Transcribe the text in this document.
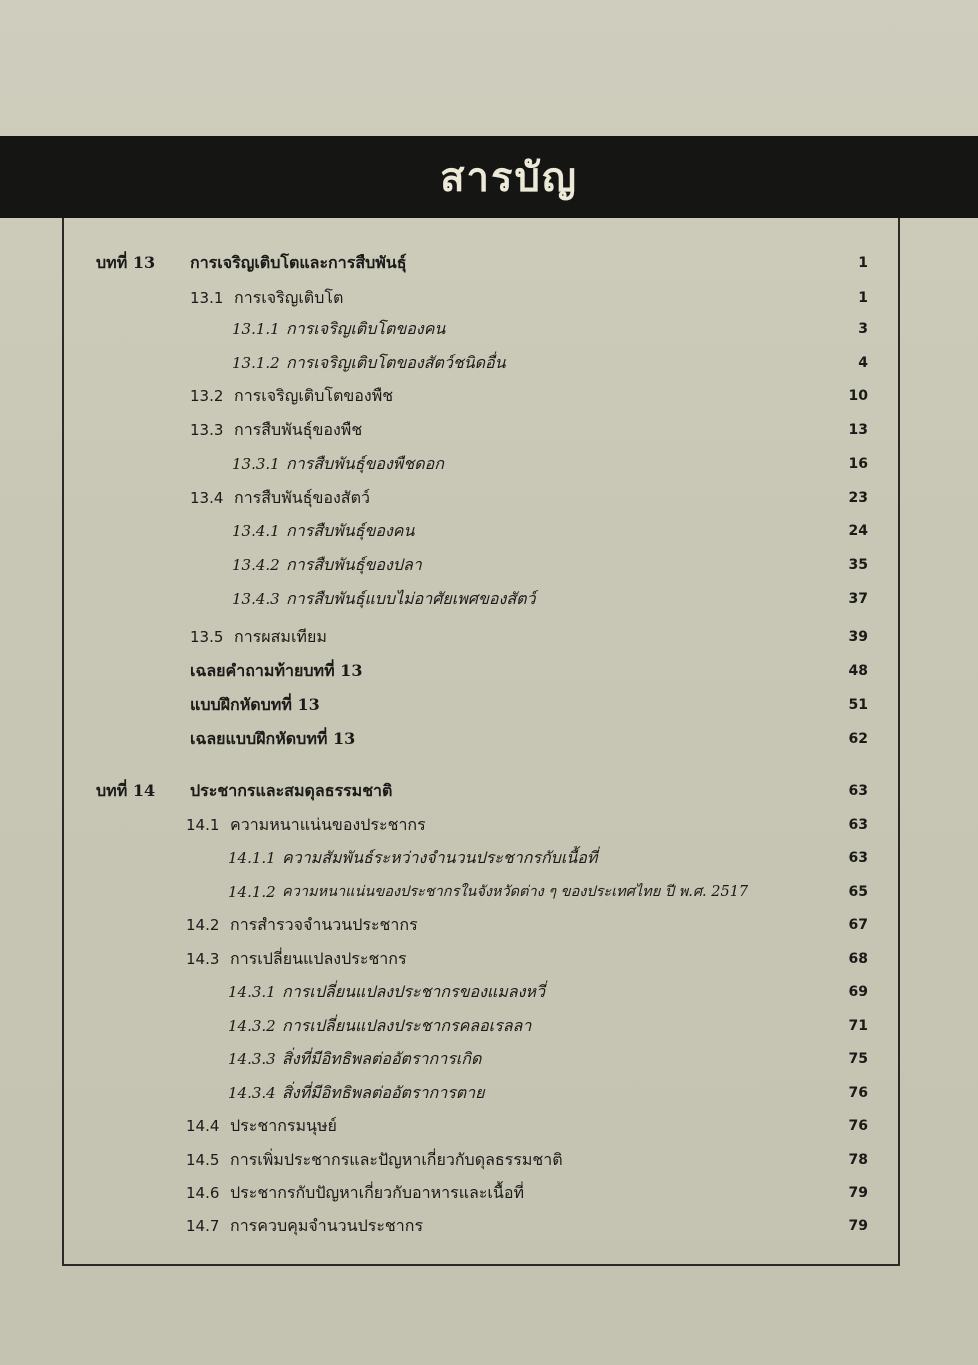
สารบัญ
บทที่ 13 การเจริญเติบโตและการสืบพันธุ์	1
13.1 การเจริญเติบโต	1
13.1.1 การเจริญเติบโตของคน	3
13.1.2 การเจริญเติบโตของสัตว์ชนิดอื่น	4
13.2 การเจริญเติบโตของพืช	10
13.3 การสืบพันธุ์ของพืช	13
13.3.1 การสืบพันธุ์ของพืชดอก	16
13.4 การสืบพันธุ์ของสัตว์	23
13.4.1 การสืบพันธุ์ของคน	24
13.4.2 การสืบพันธุ์ของปลา	35
13.4.3 การสืบพันธุ์แบบไม่อาศัยเพศของสัตว์	37
13.5 การผสมเทียม	39
เฉลยคำถามท้ายบทที่ 13	48
แบบฝึกหัดบทที่ 13	51
เฉลยแบบฝึกหัดบทที่ 13	62
บทที่ 14 ประชากรและสมดุลธรรมชาติ	63
14.1 ความหนาแน่นของประชากร	63
14.1.1 ความสัมพันธ์ระหว่างจำนวนประชากรกับเนื้อที่	63
14.1.2 ความหนาแน่นของประชากรในจังหวัดต่าง ๆ ของประเทศไทย ปี พ.ศ. 2517	65
14.2 การสำรวจจำนวนประชากร	67
14.3 การเปลี่ยนแปลงประชากร	68
14.3.1 การเปลี่ยนแปลงประชากรของแมลงหวี่	69
14.3.2 การเปลี่ยนแปลงประชากรคลอเรลลา	71
14.3.3 สิ่งที่มีอิทธิพลต่ออัตราการเกิด	75
14.3.4 สิ่งที่มีอิทธิพลต่ออัตราการตาย	76
14.4 ประชากรมนุษย์	76
14.5 การเพิ่มประชากรและปัญหาเกี่ยวกับดุลธรรมชาติ	78
14.6 ประชากรกับปัญหาเกี่ยวกับอาหารและเนื้อที่	79
14.7 การควบคุมจำนวนประชากร	79
